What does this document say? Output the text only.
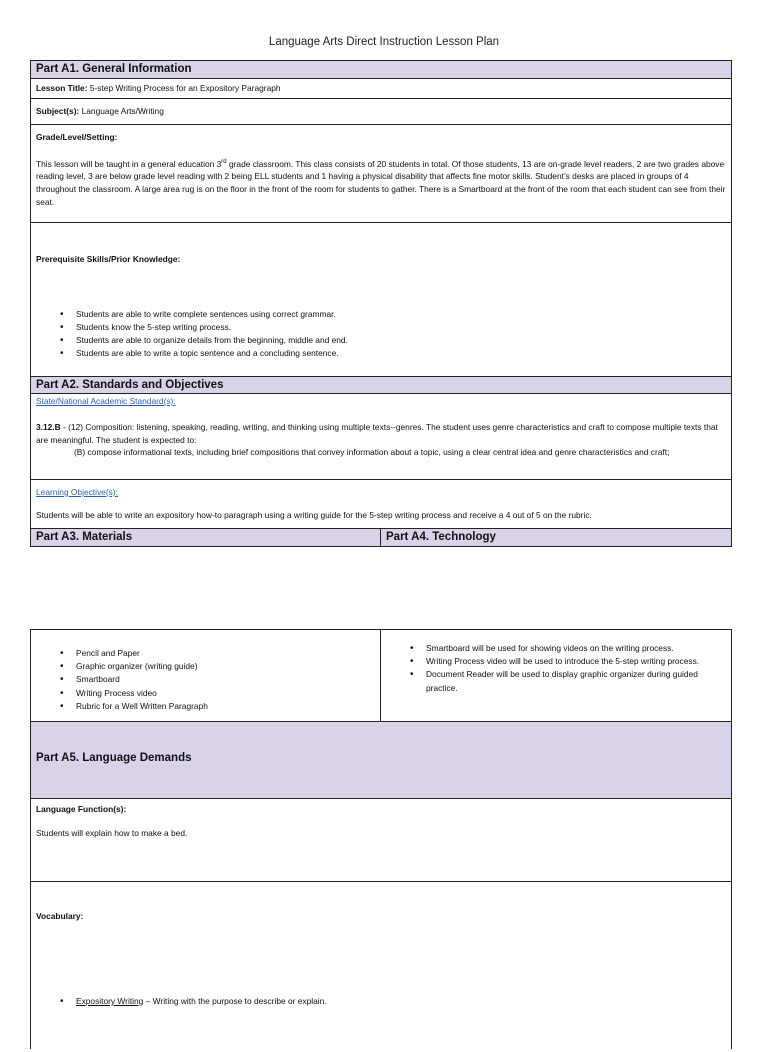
Language Arts Direct Instruction Lesson Plan
Part A1. General Information
Lesson Title: 5-step Writing Process for an Expository Paragraph
Subject(s): Language Arts/Writing
Grade/Level/Setting:
This lesson will be taught in a general education 3rd grade classroom. This class consists of 20 students in total. Of those students, 13 are on-grade level readers, 2 are two grades above reading level, 3 are below grade level reading with 2 being ELL students and 1 having a physical disability that affects fine motor skills. Student’s desks are placed in groups of 4 throughout the classroom. A large area rug is on the floor in the front of the room for students to gather. There is a Smartboard at the front of the room that each student can see from their seat.
Prerequisite Skills/Prior Knowledge:
• Students are able to write complete sentences using correct grammar.
• Students know the 5-step writing process.
• Students are able to organize details from the beginning, middle and end.
• Students are able to write a topic sentence and a concluding sentence.
Part A2. Standards and Objectives
State/National Academic Standard(s):
3.12.B - (12) Composition: listening, speaking, reading, writing, and thinking using multiple texts--genres. The student uses genre characteristics and craft to compose multiple texts that are meaningful. The student is expected to:
(B) compose informational texts, including brief compositions that convey information about a topic, using a clear central idea and genre characteristics and craft;
Learning Objective(s):
Students will be able to write an expository how-to paragraph using a writing guide for the 5-step writing process and receive a 4 out of 5 on the rubric.
Part A3. Materials	Part A4. Technology
• Pencil and Paper
• Graphic organizer (writing guide)
• Smartboard
• Writing Process video
• Rubric for a Well Written Paragraph
• Smartboard will be used for showing videos on the writing process.
• Writing Process video will be used to introduce the 5-step writing process.
• Document Reader will be used to display graphic organizer during guided practice.
Part A5. Language Demands
Language Function(s):
Students will explain how to make a bed.
Vocabulary:
• Expository Writing – Writing with the purpose to describe or explain.
